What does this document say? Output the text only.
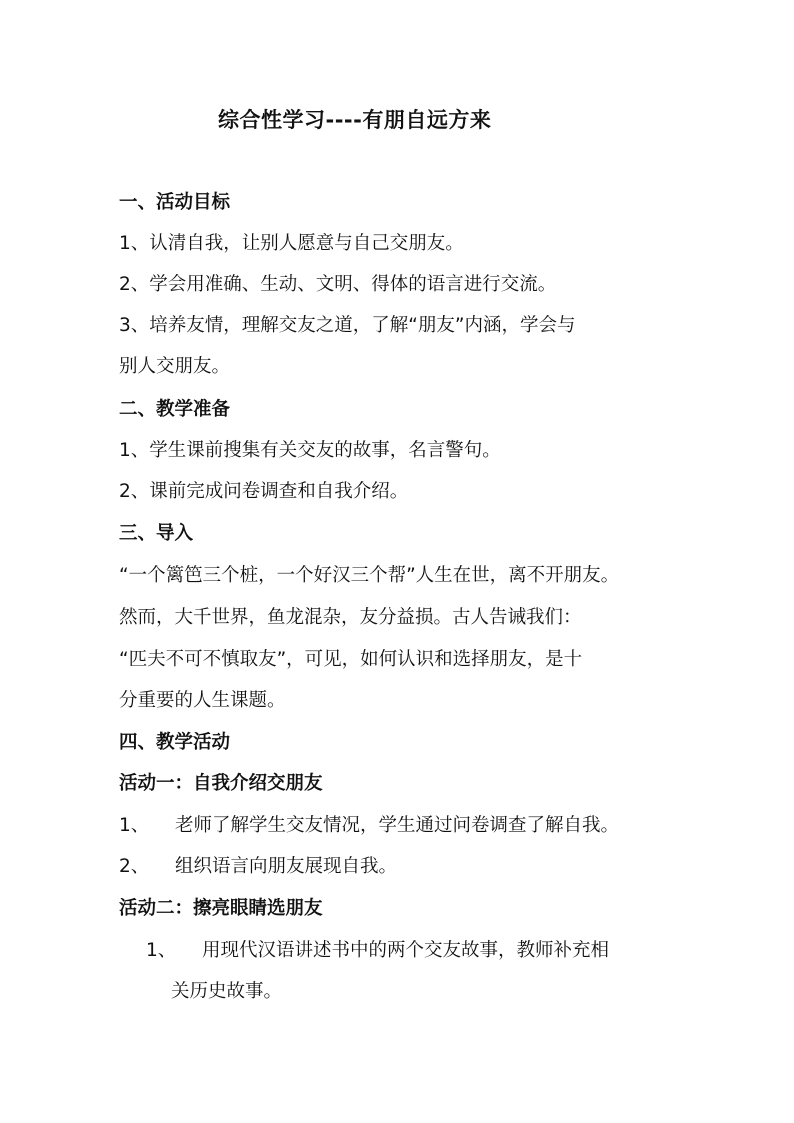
综合性学习----有朋自远方来
一、活动目标
1、认清自我，让别人愿意与自己交朋友。
2、学会用准确、生动、文明、得体的语言进行交流。
3、培养友情，理解交友之道，了解“朋友”内涵，学会与
别人交朋友。
二、教学准备
1、学生课前搜集有关交友的故事，名言警句。
2、课前完成问卷调查和自我介绍。
三、导入
“一个篱笆三个桩，一个好汉三个帮”人生在世，离不开朋友。
然而，大千世界，鱼龙混杂，友分益损。古人告诫我们：
“匹夫不可不慎取友”，可见，如何认识和选择朋友，是十
分重要的人生课题。
四、教学活动
活动一：自我介绍交朋友
1、 老师了解学生交友情况，学生通过问卷调查了解自我。
2、 组织语言向朋友展现自我。
活动二：擦亮眼睛选朋友
1、 用现代汉语讲述书中的两个交友故事，教师补充相
关历史故事。
